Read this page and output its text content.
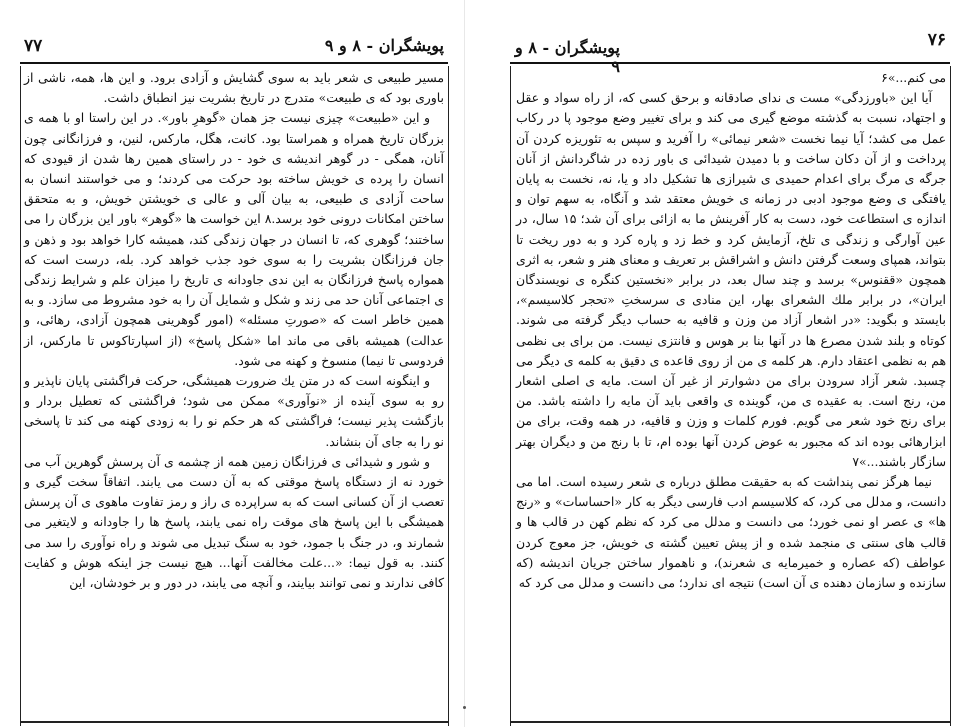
۷۷	پويشگران - ۸ و ۹

مسير طبيعى ى شعر بايد به سوى گشايش و آزادى برود. و اين ها، همه، ناشى از باورى بود كه ى طبيعت» متدرج در تاريخ بشريت نيز انطباق داشت.

و اين «طبيعت» چيزى نيست جز همان «گوهرِ باور». در اين راستا او با همه ى بزرگان تاريخ همراه و همراستا بود. كانت، هگل، ماركس، لنين، و فرزانگانى چون آنان، همگى - در گوهر انديشه ى خود - در راستاى همين رها شدن از قيودى كه انسان را پرده ى خويش ساخته بود حركت مى كردند؛ و مى خواستند انسان به ساحت آزادى ى طبيعى، به بيان آلى و عالى ى خويشتن خويش، و به متحقق ساختن امكانات درونى خود برسد.۸ اين خواست ها «گوهر» باور اين بزرگان را مى ساختند؛ گوهرى كه، تا انسان در جهان زندگى كند، هميشه كارا خواهد بود و ذهن و جان فرزانگان بشريت را به سوى خود جذب خواهد كرد. بله، درست است كه همواره پاسخ فرزانگان به اين ندى جاودانه ى تاريخ را ميزان علم و شرايط زندگى ى اجتماعى آنان حد مى زند و شكل و شمايل آن را به خود مشروط مى سازد. و به همين خاطر است كه «صورتِ مسئله» (امور گوهرينى همچون آزادى، رهائى، و عدالت) هميشه باقى مى ماند اما «شكل پاسخ» (از اسپارتاكوس تا ماركس، از فردوسى تا نيما) منسوخ و كهنه مى شود.

و اينگونه است كه در متن يك ضرورت هميشگى، حركت فراگشتى پايان ناپذير و رو به سوى آينده از «نوآورى» ممكن مى شود؛ فراگشتى كه تعطيل بردار و بازگشت پذير نيست؛ فراگشتى كه هر حكم نو را به زودى كهنه مى كند تا پاسخى نو را به جاى آن بنشاند.

و شور و شيدائى ى فرزانگان زمين همه از چشمه ى آن پرسش گوهرين آب مى خورد نه از دستگاه پاسخ موقتى كه به آن دست مى يابند. اتفاقاً سخت گيرى و تعصب از آن كسانى است كه به سراپرده ى راز و رمز تفاوت ماهوى ى آن پرسش هميشگى با اين پاسخ هاى موقت راه نمى يابند، پاسخ ها را جاودانه و لايتغير مى شمارند و، در جنگ با جمود، خود به سنگ تبديل مى شوند و راه نوآورى را سد مى كنند. به قول نيما: «...علت مخالفت آنها... هيچ نيست جز اينكه هوش و كفايت كافى ندارند و نمى توانند بيايند، و آنچه مى يابند، در دور و بر خودشان، اين

۷۶
پويشگران - ۸ و ۹

مى كنم...»۶

آيا اين «باورزدگى» مست ى نداى صادقانه و برحق كسى كه، از راه سواد و عقل و اجتهاد، نسبت به گذشته موضع گيرى مى كند و براى تغيير وضع موجود پا در ركاب عمل مى كشد؛ آيا نيما نخست «شعر نيمائى» را آفريد و سپس به تئوريزه كردن آن پرداخت و از آن دكان ساخت و با دميدن شيدائى ى باور زده در شاگردانش از آنان جرگه ى مرگ براى اعدام حميدى ى شيرازى ها تشكيل داد و يا، نه، نخست به پايان يافتگى ى وضع موجود ادبى در زمانه ى خويش معتقد شد و آنگاه، به سهم توان و اندازه ى استطاعت خود، دست به كار آفرينش ما به ازائى براى آن شد؛ ۱۵ سال، در عين آوارگى و زندگى ى تلخ، آزمايش كرد و خط زد و پاره كرد و به دور ريخت تا بتواند، همپاى وسعت گرفتن دانش و اشراقش بر تعريف و معناى هنر و شعر، به اثرى همچون «ققنوس» برسد و چند سال بعد، در برابر «نخستين كنگره ى نويسندگان ايران»، در برابر ملك الشعراى بهار، اين منادى ى سرسختِ «تحجر كلاسيسم»، بايستد و بگويد: «در اشعار آزاد من وزن و قافيه به حساب ديگر گرفته مى شوند. كوتاه و بلند شدن مصرع ها در آنها بنا بر هوس و فانتزى نيست. من براى بى نظمى هم به نظمى اعتقاد دارم. هر كلمه ى من از روى قاعده ى دقيق به كلمه ى ديگر مى چسبد. شعر آزاد سرودن براى من دشوارتر از غير آن است. مايه ى اصلى اشعار من، رنج است. به عقيده ى من، گوينده ى واقعى بايد آن مايه را داشته باشد. من براى رنج خود شعر مى گويم. فورم كلمات و وزن و قافيه، در همه وقت، براى من ابزارهائى بوده اند كه مجبور به عوض كردن آنها بوده ام، تا با رنج من و ديگران بهتر سازگار باشند...»۷

نيما هرگز نمى پنداشت كه به حقيقت مطلق درباره ى شعر رسيده است. اما مى دانست، و مدلل مى كرد، كه كلاسيسم ادب فارسى ديگر به كار «احساسات» و «رنج ها» ى عصر او نمى خورد؛ مى دانست و مدلل مى كرد كه نظم كهن در قالب ها و قالب هاى سنتى ى منجمد شده و از پيش تعيين گشته ى خويش، جز معوج كردن عواطف (كه عصاره و خميرمايه ى شعرند)، و ناهموار ساختن جريان انديشه (كه سازنده و سازمان دهنده ى آن است) نتيجه اى ندارد؛ مى دانست و مدلل مى كرد كه
